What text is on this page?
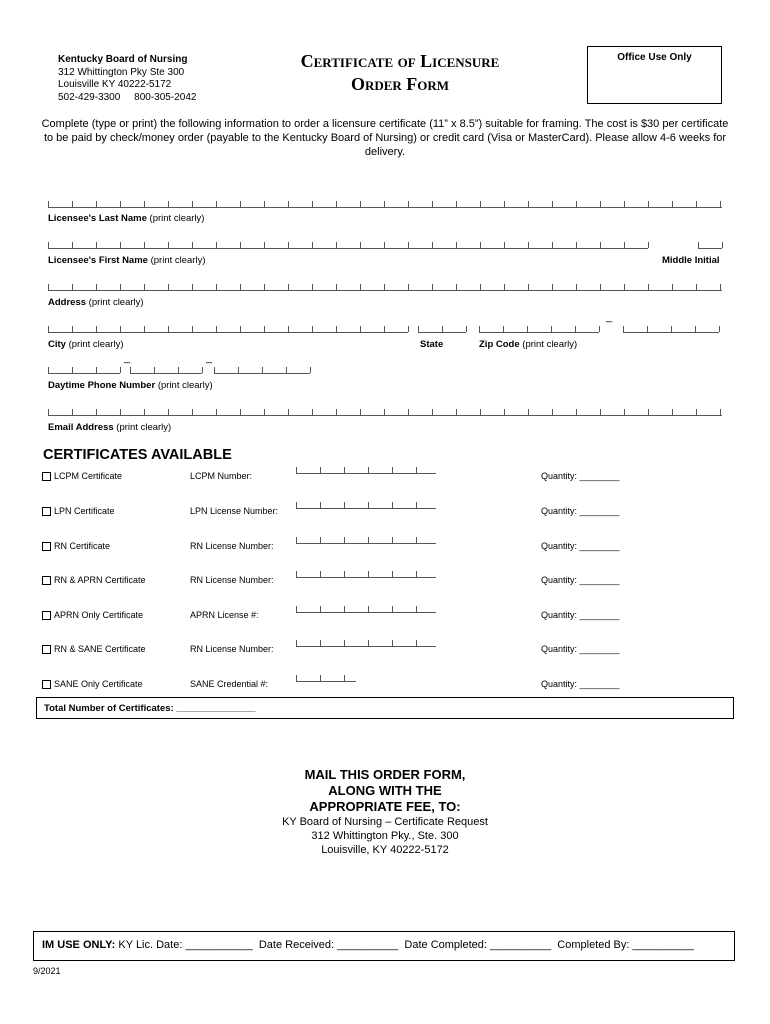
Kentucky Board of Nursing
312 Whittington Pky Ste 300
Louisville KY 40222-5172
502-429-3300     800-305-2042
Certificate of Licensure
Order Form
Office Use Only
Complete (type or print) the following information to order a licensure certificate (11” x 8.5”) suitable for framing. The cost is $30 per certificate to be paid by check/money order (payable to the Kentucky Board of Nursing) or credit card (Visa or MasterCard). Please allow 4-6 weeks for delivery.
Licensee's Last Name (print clearly)
Licensee's First Name (print clearly)	Middle Initial
Address (print clearly)
_
City (print clearly)	State	Zip Code (print clearly)
_	_
Daytime Phone Number (print clearly)
Email Address (print clearly)
CERTIFICATES AVAILABLE
LCPM Certificate	LCPM Number:	Quantity: ________
LPN Certificate	LPN License Number:	Quantity: ________
RN Certificate	RN License Number:	Quantity: ________
RN & APRN Certificate	RN License Number:	Quantity: ________
APRN Only Certificate	APRN License #:	Quantity: ________
RN & SANE Certificate	RN License Number:	Quantity: ________
SANE Only Certificate	SANE Credential #:	Quantity: ________
Total Number of Certificates: _______________
MAIL THIS ORDER FORM,
ALONG WITH THE
APPROPRIATE FEE, TO:
KY Board of Nursing – Certificate Request
312 Whittington Pky., Ste. 300
Louisville, KY 40222-5172
IM USE ONLY: KY Lic. Date: ___________  Date Received: __________  Date Completed: __________  Completed By: __________
9/2021
